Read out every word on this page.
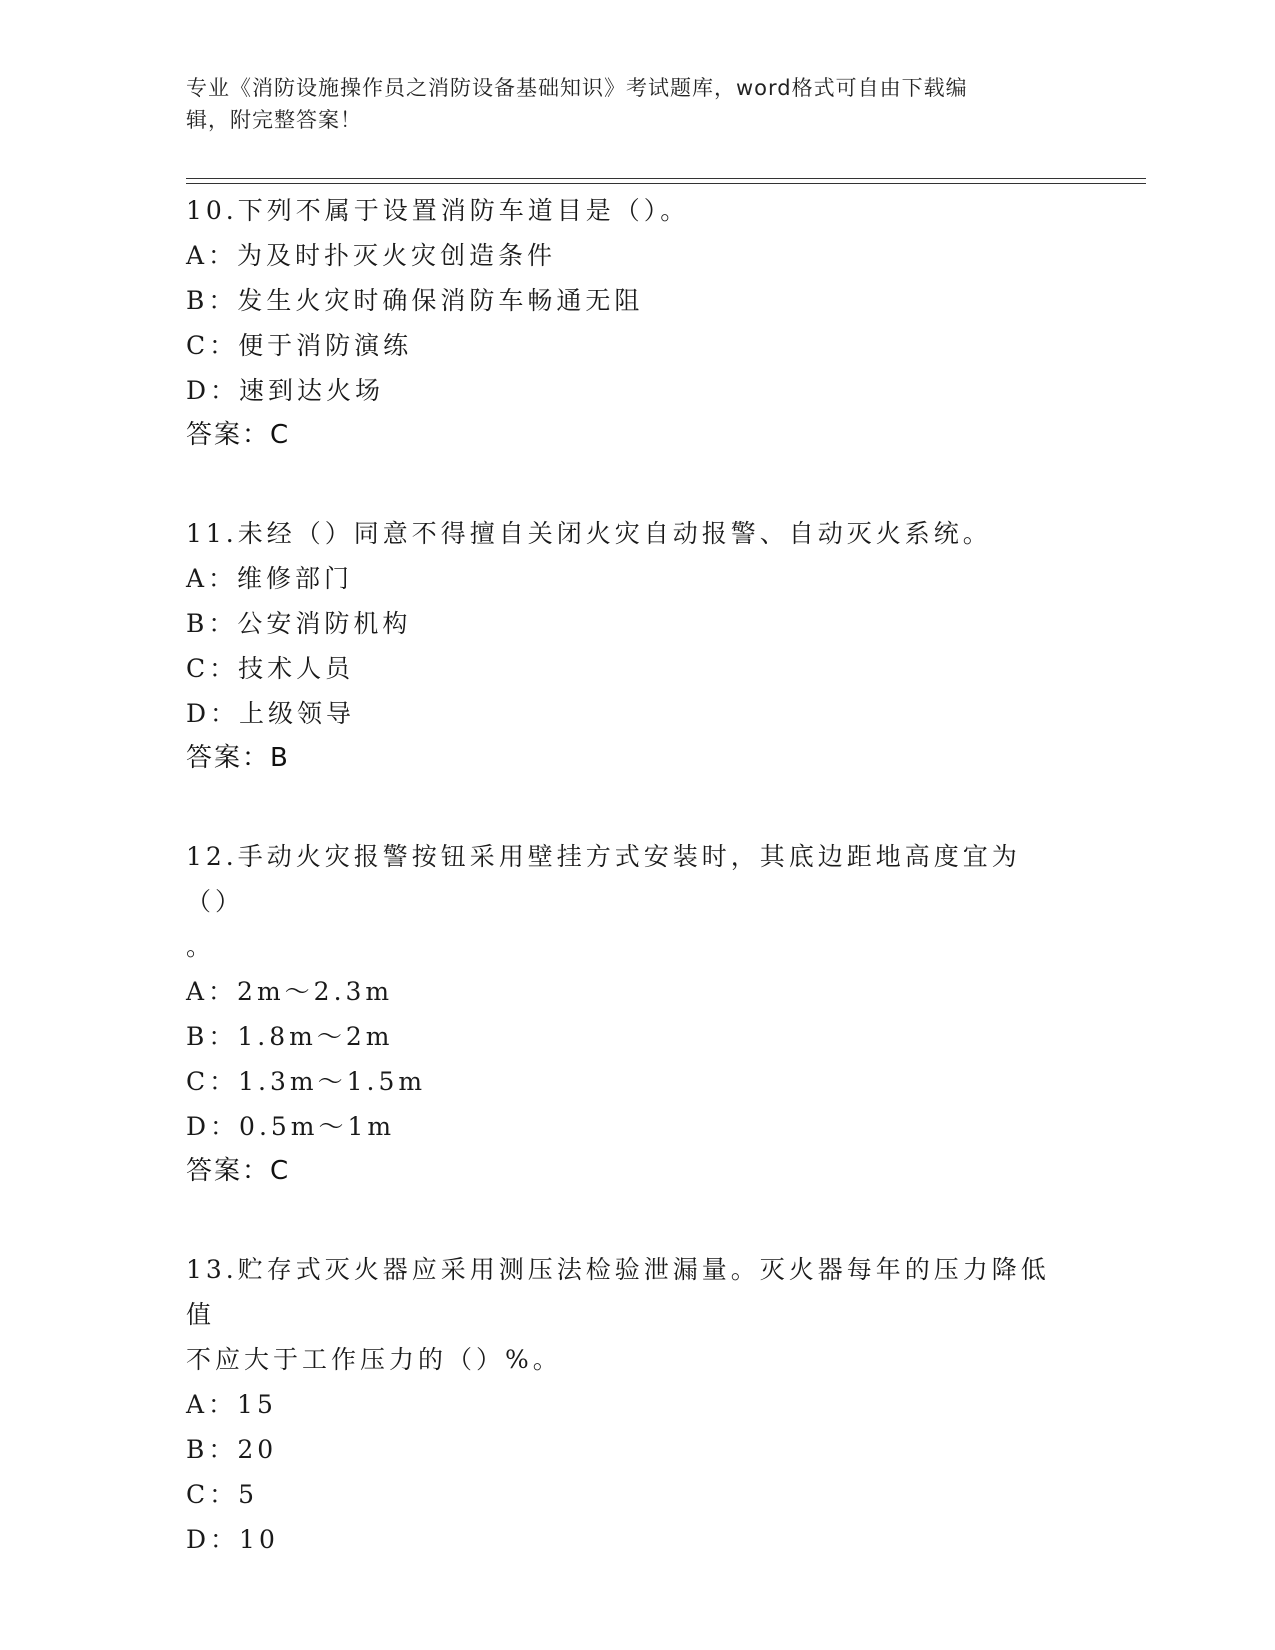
专业《消防设施操作员之消防设备基础知识》考试题库，word格式可自由下载编
辑，附完整答案！
10.下列不属于设置消防车道目是（）。
A：为及时扑灭火灾创造条件
B：发生火灾时确保消防车畅通无阻
C：便于消防演练
D：速到达火场
答案：C
11.未经（）同意不得擅自关闭火灾自动报警、自动灭火系统。
A：维修部门
B：公安消防机构
C：技术人员
D：上级领导
答案：B
12.手动火灾报警按钮采用壁挂方式安装时，其底边距地高度宜为（）
。
A：2m～2.3m
B：1.8m～2m
C：1.3m～1.5m
D：0.5m～1m
答案：C
13.贮存式灭火器应采用测压法检验泄漏量。灭火器每年的压力降低值
不应大于工作压力的（）%。
A：15
B：20
C：5
D：10
